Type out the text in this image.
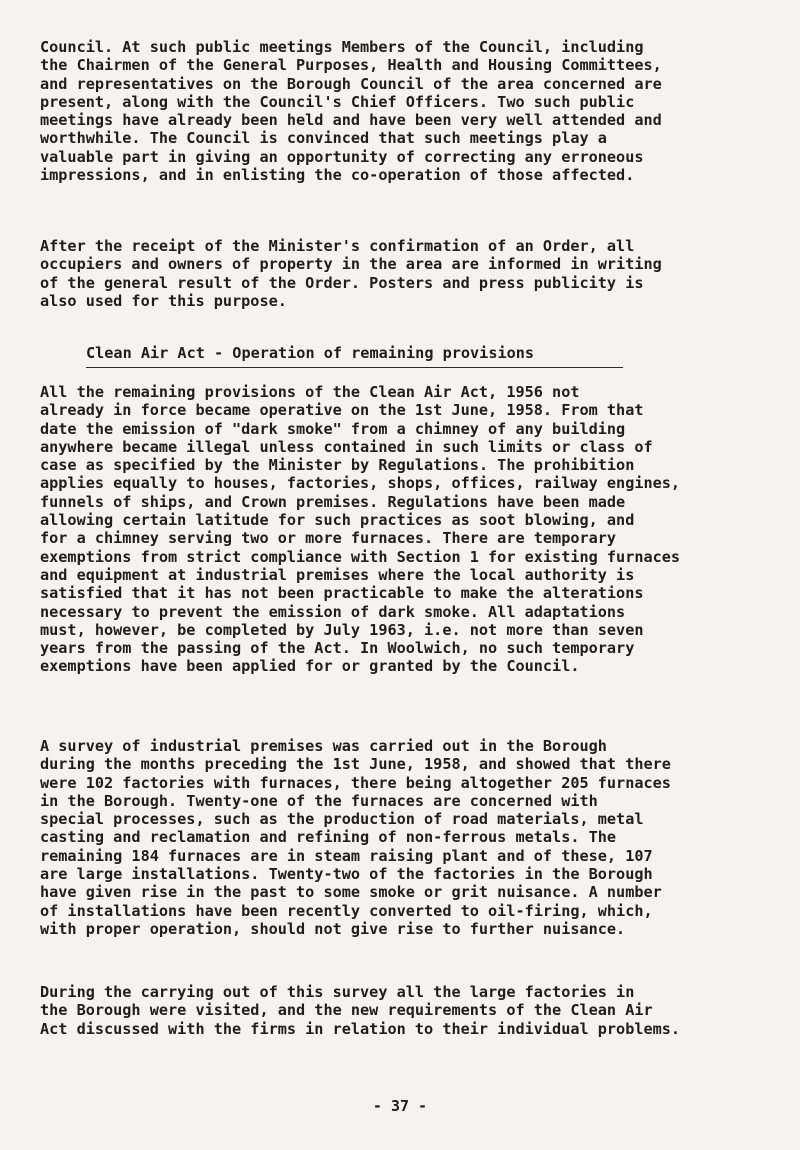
Council. At such public meetings Members of the Council, including
the Chairmen of the General Purposes, Health and Housing Committees,
and representatives on the Borough Council of the area concerned are
present, along with the Council's Chief Officers. Two such public
meetings have already been held and have been very well attended and
worthwhile. The Council is convinced that such meetings play a
valuable part in giving an opportunity of correcting any erroneous
impressions, and in enlisting the co-operation of those affected.
After the receipt of the Minister's confirmation of an Order, all
occupiers and owners of property in the area are informed in writing
of the general result of the Order. Posters and press publicity is
also used for this purpose.
Clean Air Act - Operation of remaining provisions
All the remaining provisions of the Clean Air Act, 1956 not
already in force became operative on the 1st June, 1958. From that
date the emission of "dark smoke" from a chimney of any building
anywhere became illegal unless contained in such limits or class of
case as specified by the Minister by Regulations. The prohibition
applies equally to houses, factories, shops, offices, railway engines,
funnels of ships, and Crown premises. Regulations have been made
allowing certain latitude for such practices as soot blowing, and
for a chimney serving two or more furnaces. There are temporary
exemptions from strict compliance with Section 1 for existing furnaces
and equipment at industrial premises where the local authority is
satisfied that it has not been practicable to make the alterations
necessary to prevent the emission of dark smoke. All adaptations
must, however, be completed by July 1963, i.e. not more than seven
years from the passing of the Act. In Woolwich, no such temporary
exemptions have been applied for or granted by the Council.
A survey of industrial premises was carried out in the Borough
during the months preceding the 1st June, 1958, and showed that there
were 102 factories with furnaces, there being altogether 205 furnaces
in the Borough. Twenty-one of the furnaces are concerned with
special processes, such as the production of road materials, metal
casting and reclamation and refining of non-ferrous metals. The
remaining 184 furnaces are in steam raising plant and of these, 107
are large installations. Twenty-two of the factories in the Borough
have given rise in the past to some smoke or grit nuisance. A number
of installations have been recently converted to oil-firing, which,
with proper operation, should not give rise to further nuisance.
During the carrying out of this survey all the large factories in
the Borough were visited, and the new requirements of the Clean Air
Act discussed with the firms in relation to their individual problems.
- 37 -
